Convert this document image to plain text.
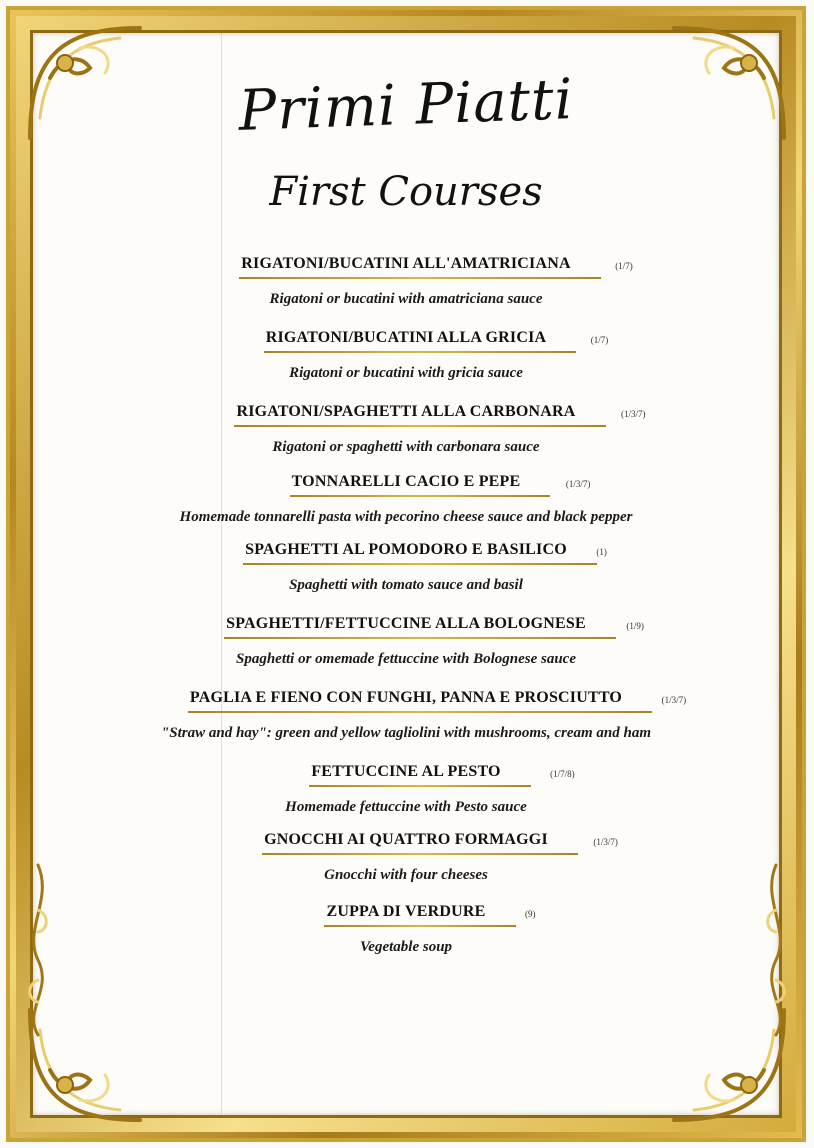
Primi Piatti
First Courses
RIGATONI/BUCATINI ALL'AMATRICIANA	(1/7)
Rigatoni or bucatini with amatriciana sauce
RIGATONI/BUCATINI ALLA GRICIA	(1/7)
Rigatoni or bucatini with gricia sauce
RIGATONI/SPAGHETTI ALLA CARBONARA	(1/3/7)
Rigatoni or spaghetti with carbonara sauce
TONNARELLI CACIO E PEPE	(1/3/7)
Homemade tonnarelli pasta with pecorino cheese sauce and black pepper
SPAGHETTI AL POMODORO E BASILICO	(1)
Spaghetti with tomato sauce and basil
SPAGHETTI/FETTUCCINE ALLA BOLOGNESE	(1/9)
Spaghetti or omemade fettuccine with Bolognese sauce
PAGLIA E FIENO CON FUNGHI, PANNA E PROSCIUTTO	(1/3/7)
"Straw and hay": green and yellow tagliolini with mushrooms, cream and ham
FETTUCCINE AL PESTO	(1/7/8)
Homemade fettuccine with Pesto sauce
GNOCCHI AI QUATTRO FORMAGGI	(1/3/7)
Gnocchi with four cheeses
ZUPPA DI VERDURE	(9)
Vegetable soup
